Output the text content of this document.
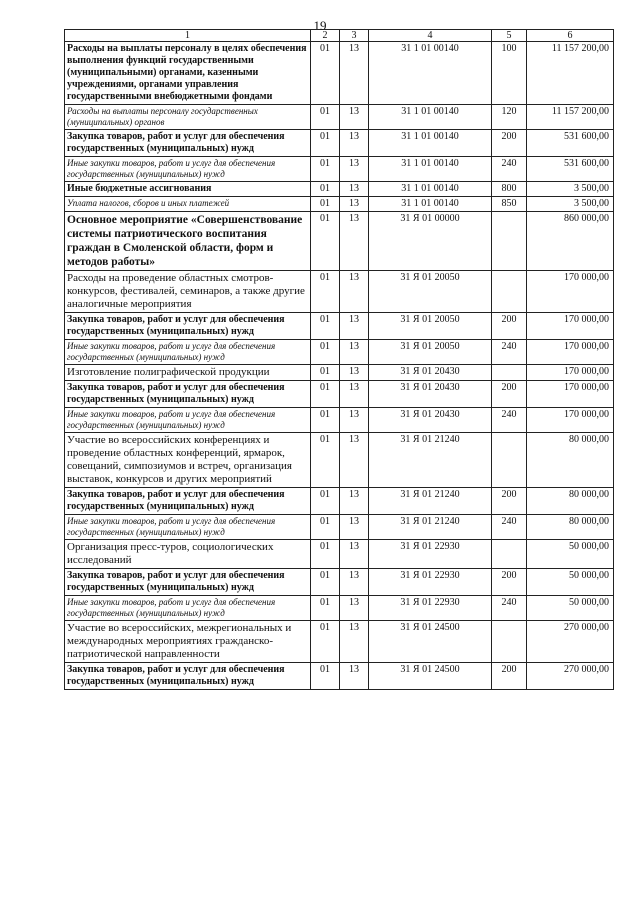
19
1	2	3	4	5	6
Расходы на выплаты персоналу в целях обеспечения выполнения функций государственными (муниципальными) органами, казенными учреждениями, органами управления государственными внебюджетными фондами	01	13	31 1 01 00140	100	11 157 200,00
Расходы на выплаты персоналу государственных (муниципальных) органов	01	13	31 1 01 00140	120	11 157 200,00
Закупка товаров, работ и услуг для обеспечения государственных (муниципальных) нужд	01	13	31 1 01 00140	200	531 600,00
Иные закупки товаров, работ и услуг для обеспечения государственных (муниципальных) нужд	01	13	31 1 01 00140	240	531 600,00
Иные бюджетные ассигнования	01	13	31 1 01 00140	800	3 500,00
Уплата налогов, сборов и иных платежей	01	13	31 1 01 00140	850	3 500,00
Основное мероприятие «Совершенствование системы патриотического воспитания граждан в Смоленской области, форм и методов работы»	01	13	31 Я 01 00000		860 000,00
Расходы на проведение областных смотров-конкурсов, фестивалей, семинаров, а также другие аналогичные мероприятия	01	13	31 Я 01 20050		170 000,00
Закупка товаров, работ и услуг для обеспечения государственных (муниципальных) нужд	01	13	31 Я 01 20050	200	170 000,00
Иные закупки товаров, работ и услуг для обеспечения государственных (муниципальных) нужд	01	13	31 Я 01 20050	240	170 000,00
Изготовление полиграфической продукции	01	13	31 Я 01 20430		170 000,00
Закупка товаров, работ и услуг для обеспечения государственных (муниципальных) нужд	01	13	31 Я 01 20430	200	170 000,00
Иные закупки товаров, работ и услуг для обеспечения государственных (муниципальных) нужд	01	13	31 Я 01 20430	240	170 000,00
Участие во всероссийских конференциях и проведение областных конференций, ярмарок, совещаний, симпозиумов и встреч, организация выставок, конкурсов и других мероприятий	01	13	31 Я 01 21240		80 000,00
Закупка товаров, работ и услуг для обеспечения государственных (муниципальных) нужд	01	13	31 Я 01 21240	200	80 000,00
Иные закупки товаров, работ и услуг для обеспечения государственных (муниципальных) нужд	01	13	31 Я 01 21240	240	80 000,00
Организация пресс-туров, социологических исследований	01	13	31 Я 01 22930		50 000,00
Закупка товаров, работ и услуг для обеспечения государственных (муниципальных) нужд	01	13	31 Я 01 22930	200	50 000,00
Иные закупки товаров, работ и услуг для обеспечения государственных (муниципальных) нужд	01	13	31 Я 01 22930	240	50 000,00
Участие во всероссийских, межрегиональных и международных мероприятиях гражданско-патриотической направленности	01	13	31 Я 01 24500		270 000,00
Закупка товаров, работ и услуг для обеспечения государственных (муниципальных) нужд	01	13	31 Я 01 24500	200	270 000,00
